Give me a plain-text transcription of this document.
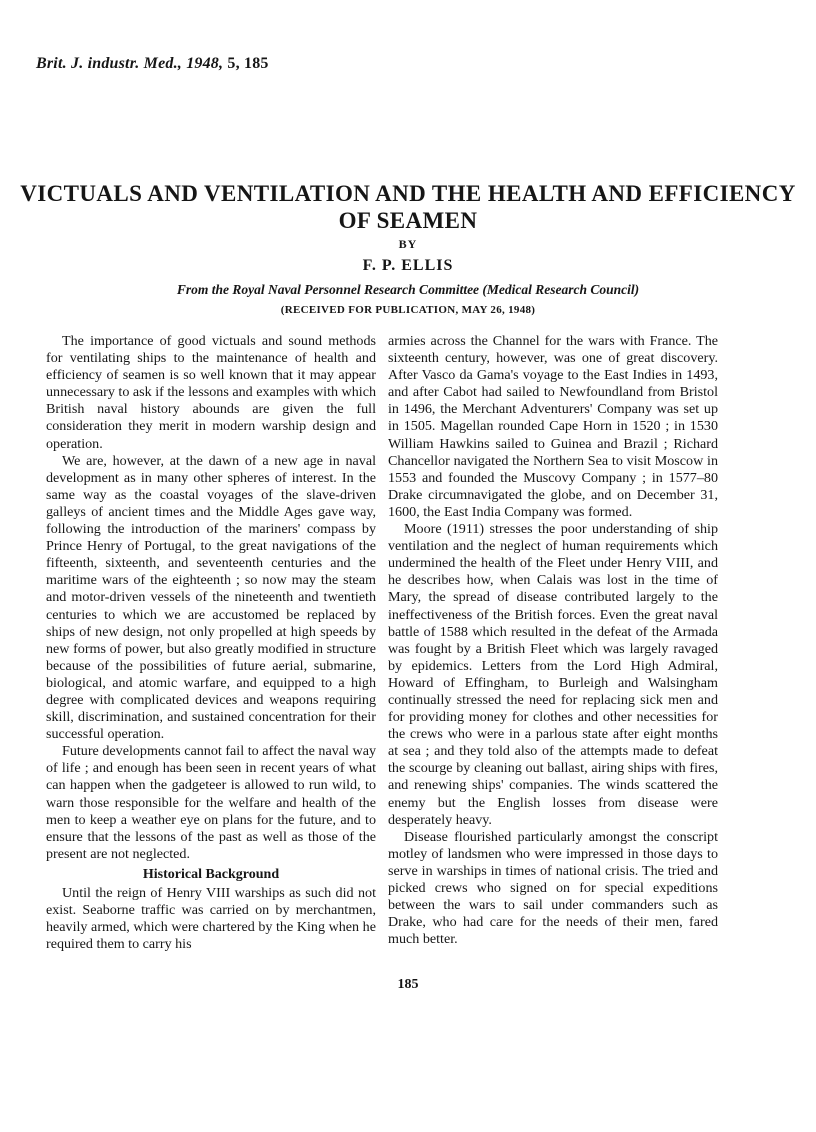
Brit. J. industr. Med., 1948, 5, 185
VICTUALS AND VENTILATION AND THE HEALTH AND EFFICIENCY OF SEAMEN
BY
F. P. ELLIS
From the Royal Naval Personnel Research Committee (Medical Research Council)
(RECEIVED FOR PUBLICATION, MAY 26, 1948)

The importance of good victuals and sound methods for ventilating ships to the maintenance of health and efficiency of seamen is so well known that it may appear unnecessary to ask if the lessons and examples with which British naval history abounds are given the full consideration they merit in modern warship design and operation.

We are, however, at the dawn of a new age in naval development as in many other spheres of interest. In the same way as the coastal voyages of the slave-driven galleys of ancient times and the Middle Ages gave way, following the introduction of the mariners' compass by Prince Henry of Portugal, to the great navigations of the fifteenth, sixteenth, and seventeenth centuries and the maritime wars of the eighteenth ; so now may the steam and motor-driven vessels of the nineteenth and twentieth centuries to which we are accustomed be replaced by ships of new design, not only propelled at high speeds by new forms of power, but also greatly modified in structure because of the possibilities of future aerial, submarine, biological, and atomic warfare, and equipped to a high degree with complicated devices and weapons requiring skill, discrimination, and sustained concentration for their successful operation.

Future developments cannot fail to affect the naval way of life ; and enough has been seen in recent years of what can happen when the gadgeteer is allowed to run wild, to warn those responsible for the welfare and health of the men to keep a weather eye on plans for the future, and to ensure that the lessons of the past as well as those of the present are not neglected.

Historical Background

Until the reign of Henry VIII warships as such did not exist. Seaborne traffic was carried on by merchantmen, heavily armed, which were chartered by the King when he required them to carry his

armies across the Channel for the wars with France. The sixteenth century, however, was one of great discovery. After Vasco da Gama's voyage to the East Indies in 1493, and after Cabot had sailed to Newfoundland from Bristol in 1496, the Merchant Adventurers' Company was set up in 1505. Magellan rounded Cape Horn in 1520 ; in 1530 William Hawkins sailed to Guinea and Brazil ; Richard Chancellor navigated the Northern Sea to visit Moscow in 1553 and founded the Muscovy Company ; in 1577–80 Drake circumnavigated the globe, and on December 31, 1600, the East India Company was formed.

Moore (1911) stresses the poor understanding of ship ventilation and the neglect of human requirements which undermined the health of the Fleet under Henry VIII, and he describes how, when Calais was lost in the time of Mary, the spread of disease contributed largely to the ineffectiveness of the British forces. Even the great naval battle of 1588 which resulted in the defeat of the Armada was fought by a British Fleet which was largely ravaged by epidemics. Letters from the Lord High Admiral, Howard of Effingham, to Burleigh and Walsingham continually stressed the need for replacing sick men and for providing money for clothes and other necessities for the crews who were in a parlous state after eight months at sea ; and they told also of the attempts made to defeat the scourge by cleaning out ballast, airing ships with fires, and renewing ships' companies. The winds scattered the enemy but the English losses from disease were desperately heavy.

Disease flourished particularly amongst the conscript motley of landsmen who were impressed in those days to serve in warships in times of national crisis. The tried and picked crews who signed on for special expeditions between the wars to sail under commanders such as Drake, who had care for the needs of their men, fared much better.

185
